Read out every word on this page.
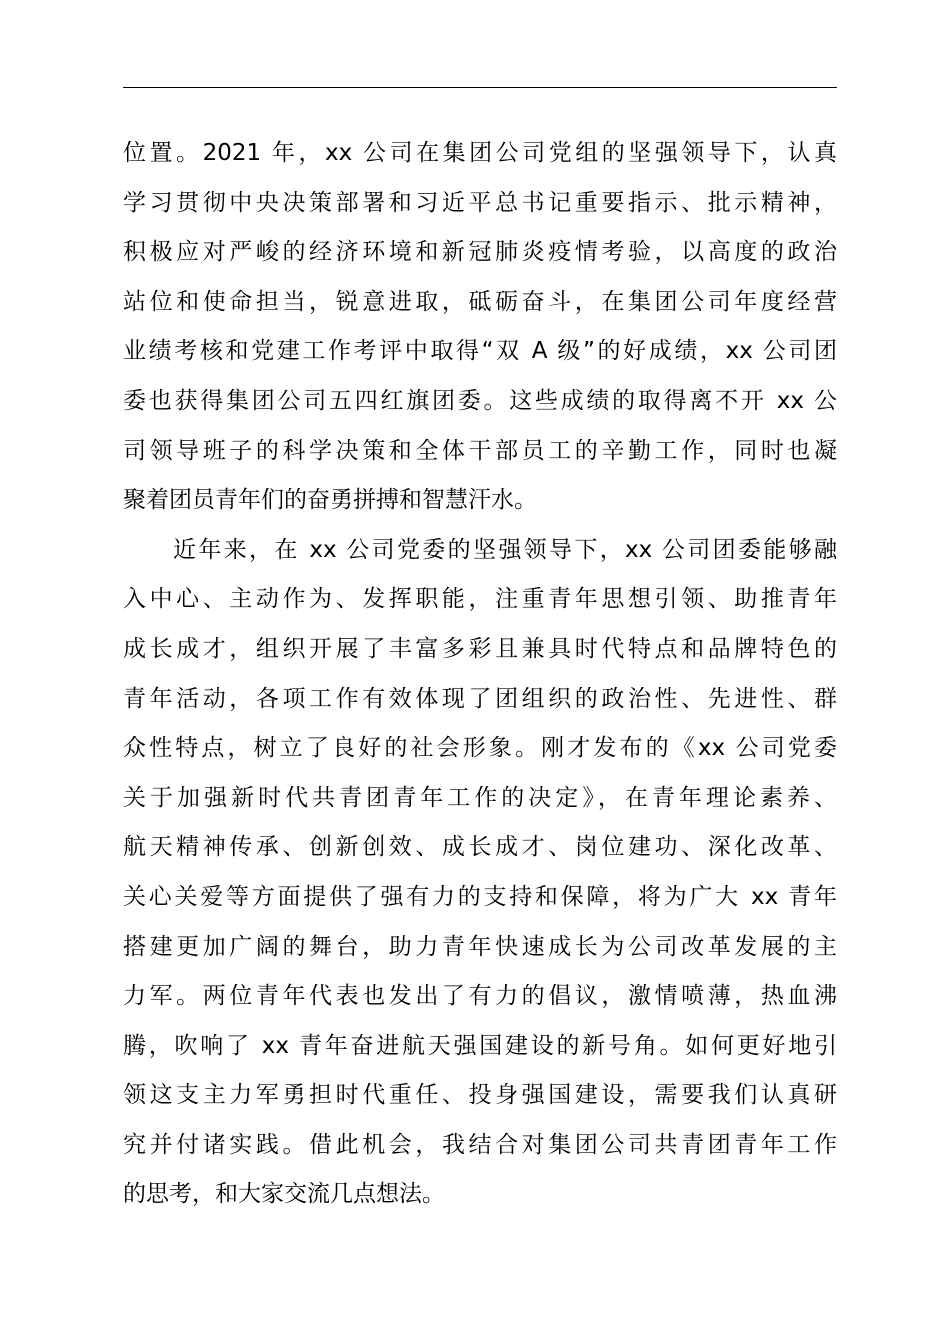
位置。2021 年，xx 公司在集团公司党组的坚强领导下，认真
学习贯彻中央决策部署和习近平总书记重要指示、批示精神，
积极应对严峻的经济环境和新冠肺炎疫情考验，以高度的政治
站位和使命担当，锐意进取，砥砺奋斗，在集团公司年度经营
业绩考核和党建工作考评中取得“双 A 级”的好成绩，xx 公司团
委也获得集团公司五四红旗团委。这些成绩的取得离不开 xx 公
司领导班子的科学决策和全体干部员工的辛勤工作，同时也凝
聚着团员青年们的奋勇拼搏和智慧汗水。
近年来，在 xx 公司党委的坚强领导下，xx 公司团委能够融
入中心、主动作为、发挥职能，注重青年思想引领、助推青年
成长成才，组织开展了丰富多彩且兼具时代特点和品牌特色的
青年活动，各项工作有效体现了团组织的政治性、先进性、群
众性特点，树立了良好的社会形象。刚才发布的《xx 公司党委
关于加强新时代共青团青年工作的决定》，在青年理论素养、
航天精神传承、创新创效、成长成才、岗位建功、深化改革、
关心关爱等方面提供了强有力的支持和保障，将为广大 xx 青年
搭建更加广阔的舞台，助力青年快速成长为公司改革发展的主
力军。两位青年代表也发出了有力的倡议，激情喷薄，热血沸
腾，吹响了 xx 青年奋进航天强国建设的新号角。如何更好地引
领这支主力军勇担时代重任、投身强国建设，需要我们认真研
究并付诸实践。借此机会，我结合对集团公司共青团青年工作
的思考，和大家交流几点想法。
